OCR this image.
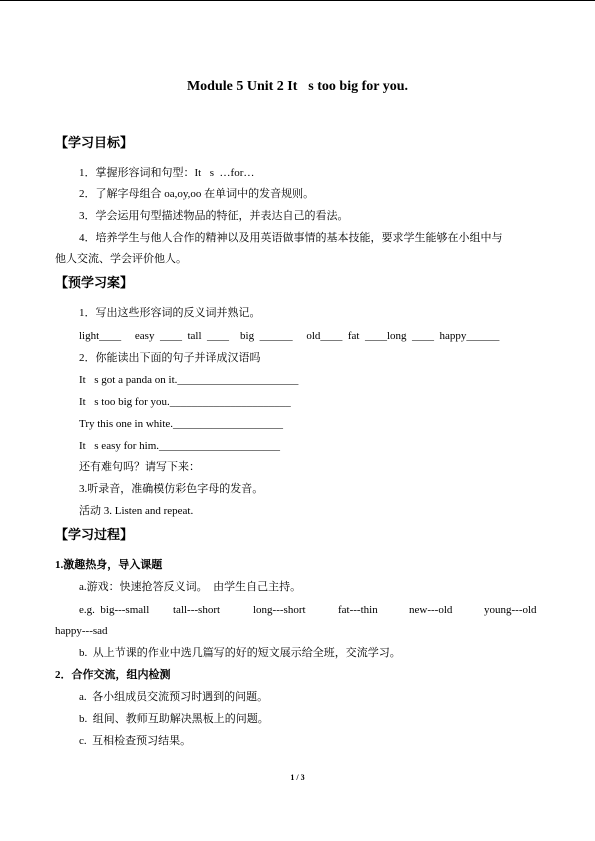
Module 5 Unit 2 It s too big for you.
【学习目标】
1．掌握形容词和句型：It s  …for…
2．了解字母组合 oa,oy,oo 在单词中的发音规则。
3．学会运用句型描述物品的特征，并表达自己的看法。
4．培养学生与他人合作的精神以及用英语做事情的基本技能，要求学生能够在小组中与
他人交流、学会评价他人。
【预学习案】
1．写出这些形容词的反义词并熟记。
light____     easy  ____  tall  ____    big  ______     old____  fat  ____long  ____  happy______
2．你能读出下面的句子并译成汉语吗
It s got a panda on it.______________________
It s too big for you.______________________
Try this one in white.____________________
It s easy for him.______________________
还有难句吗？请写下来：
3.听录音，准确模仿彩色字母的发音。
活动 3. Listen and repeat.
【学习过程】
1.激趣热身，导入课题
a.游戏：快速抢答反义词。  由学生自己主持。
e.g.  big---small tall---short	long---short	fat---thin	new---old	young---old
happy---sad
b.  从上节课的作业中选几篇写的好的短文展示给全班，交流学习。
2．合作交流，组内检测
a.  各小组成员交流预习时遇到的问题。
b.  组间、教师互助解决黑板上的问题。
c.  互相检查预习结果。
1 / 3
